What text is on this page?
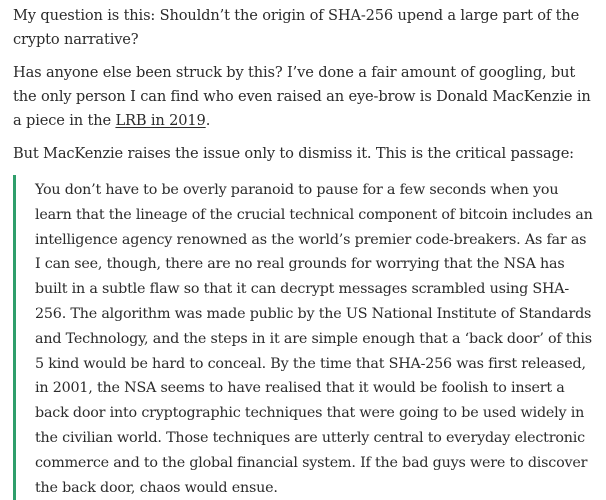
My question is this: Shouldn’t the origin of SHA-256 upend a large part of the crypto narrative?

Has anyone else been struck by this? I’ve done a fair amount of googling, but the only person I can find who even raised an eye-brow is Donald MacKenzie in a piece in the LRB in 2019.

But MacKenzie raises the issue only to dismiss it. This is the critical passage:

You don’t have to be overly paranoid to pause for a few seconds when you learn that the lineage of the crucial technical component of bitcoin includes an intelligence agency renowned as the world’s premier code-breakers. As far as I can see, though, there are no real grounds for worrying that the NSA has built in a subtle flaw so that it can decrypt messages scrambled using SHA-256. The algorithm was made public by the US National Institute of Standards and Technology, and the steps in it are simple enough that a ‘back door’ of this 5 kind would be hard to conceal. By the time that SHA-256 was first released, in 2001, the NSA seems to have realised that it would be foolish to insert a back door into cryptographic techniques that were going to be used widely in the civilian world. Those techniques are utterly central to everyday electronic commerce and to the global financial system. If the bad guys were to discover the back door, chaos would ensue.
